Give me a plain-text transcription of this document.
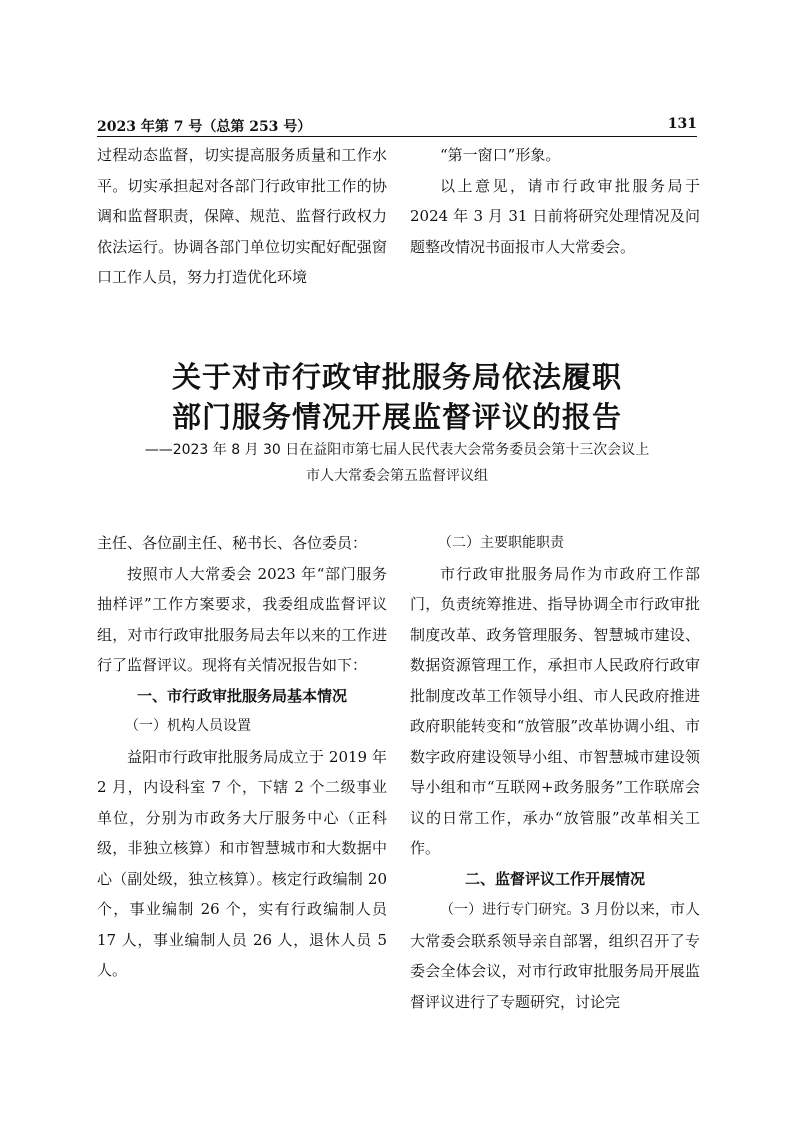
2023 年第 7 号（总第 253 号）	131

过程动态监督，切实提高服务质量和工作水平。切实承担起对各部门行政审批工作的协调和监督职责，保障、规范、监督行政权力依法运行。协调各部门单位切实配好配强窗口工作人员，努力打造优化环境

“第一窗口”形象。

以上意见，请市行政审批服务局于2024 年 3 月 31 日前将研究处理情况及问题整改情况书面报市人大常委会。

关于对市行政审批服务局依法履职
部门服务情况开展监督评议的报告
——2023 年 8 月 30 日在益阳市第七届人民代表大会常务委员会第十三次会议上
市人大常委会第五监督评议组

主任、各位副主任、秘书长、各位委员：

按照市人大常委会 2023 年“部门服务抽样评”工作方案要求，我委组成监督评议组，对市行政审批服务局去年以来的工作进行了监督评议。现将有关情况报告如下：

一、市行政审批服务局基本情况

（一）机构人员设置

益阳市行政审批服务局成立于 2019 年 2 月，内设科室 7 个，下辖 2 个二级事业单位，分别为市政务大厅服务中心（正科级，非独立核算）和市智慧城市和大数据中心（副处级，独立核算）。核定行政编制 20 个，事业编制 26 个，实有行政编制人员 17 人，事业编制人员 26 人，退休人员 5 人。

（二）主要职能职责

市行政审批服务局作为市政府工作部门，负责统筹推进、指导协调全市行政审批制度改革、政务管理服务、智慧城市建设、数据资源管理工作，承担市人民政府行政审批制度改革工作领导小组、市人民政府推进政府职能转变和“放管服”改革协调小组、市数字政府建设领导小组、市智慧城市建设领导小组和市“互联网+政务服务”工作联席会议的日常工作，承办“放管服”改革相关工作。

二、监督评议工作开展情况

（一）进行专门研究。3 月份以来，市人大常委会联系领导亲自部署，组织召开了专委会全体会议，对市行政审批服务局开展监督评议进行了专题研究，讨论完
